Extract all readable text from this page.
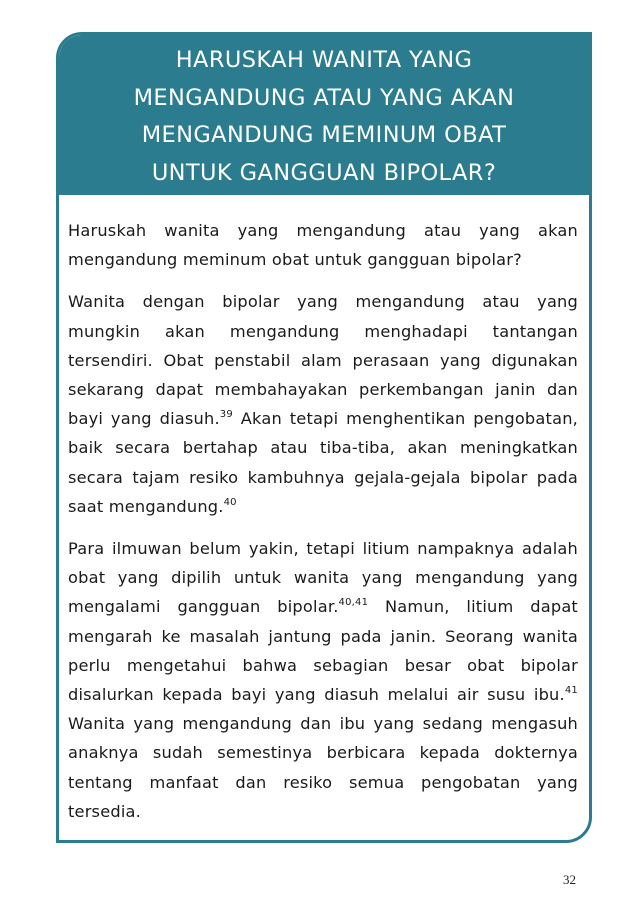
HARUSKAH WANITA YANG
MENGANDUNG ATAU YANG AKAN
MENGANDUNG MEMINUM OBAT
UNTUK GANGGUAN BIPOLAR?

Haruskah wanita yang mengandung atau yang akan mengandung meminum obat untuk gangguan bipolar?

Wanita dengan bipolar yang mengandung atau yang mungkin akan mengandung menghadapi tantangan tersendiri. Obat penstabil alam perasaan yang digunakan sekarang dapat membahayakan perkembangan janin dan bayi yang diasuh.$^{39}$ Akan tetapi menghentikan pengobatan, baik secara bertahap atau tiba-tiba, akan meningkatkan secara tajam resiko kambuhnya gejala-gejala bipolar pada saat mengandung.$^{40}$

Para ilmuwan belum yakin, tetapi litium nampaknya adalah obat yang dipilih untuk wanita yang mengandung yang mengalami gangguan bipolar.$^{40,41}$ Namun, litium dapat mengarah ke masalah jantung pada janin. Seorang wanita perlu mengetahui bahwa sebagian besar obat bipolar disalurkan kepada bayi yang diasuh melalui air susu ibu.$^{41}$ Wanita yang mengandung dan ibu yang sedang mengasuh anaknya sudah semestinya berbicara kepada dokternya tentang manfaat dan resiko semua pengobatan yang tersedia.

32
